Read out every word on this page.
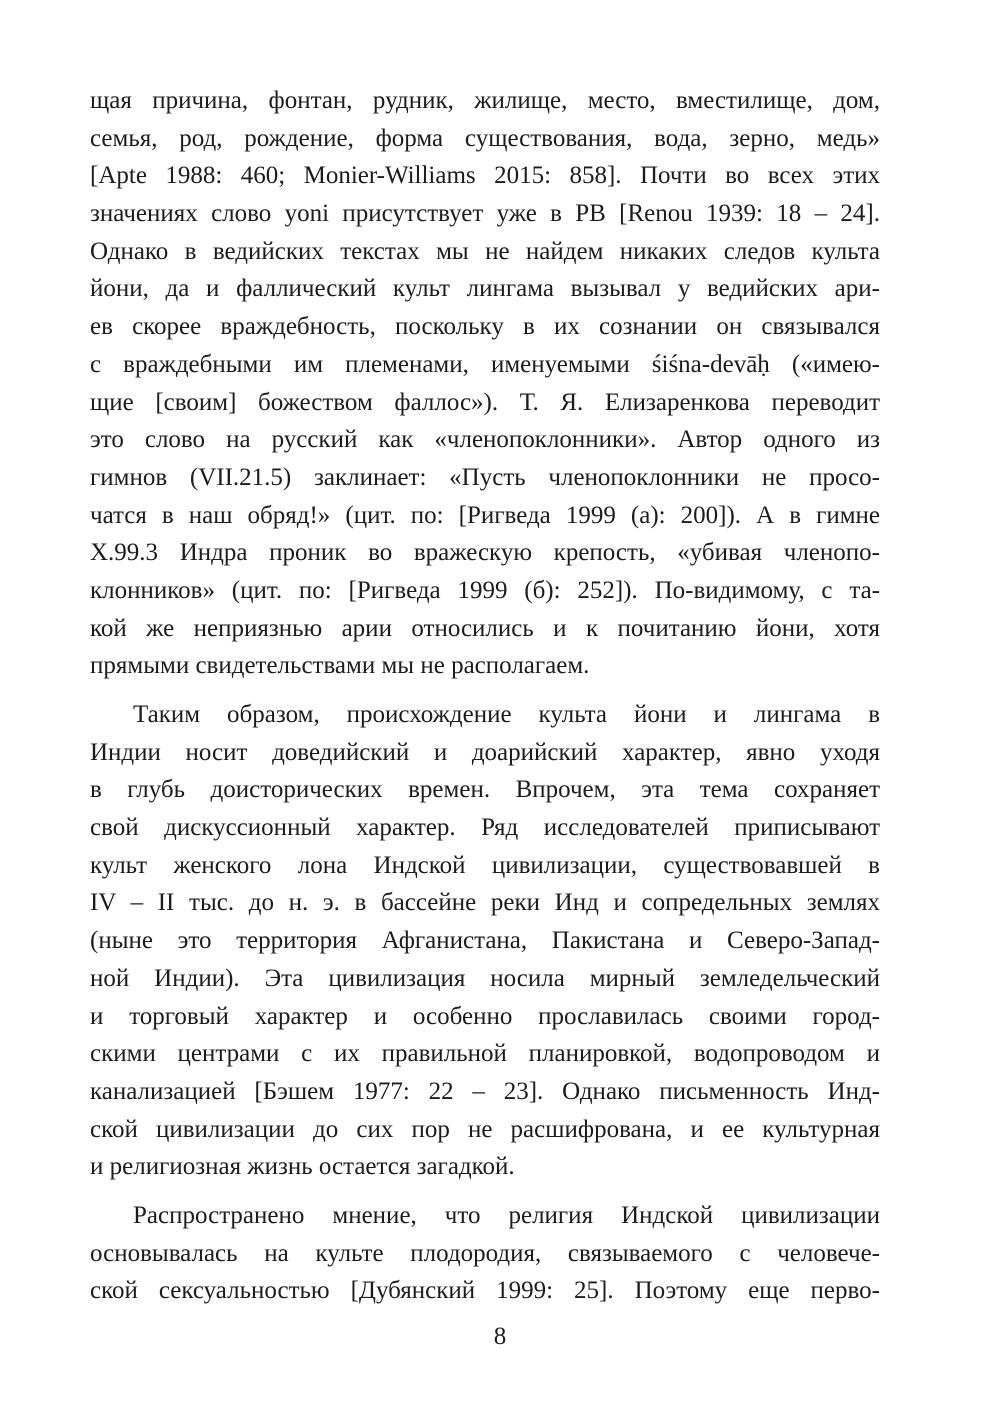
щая причина, фонтан, рудник, жилище, место, вместилище, дом,
семья, род, рождение, форма существования, вода, зерно, медь»
[Apte 1988: 460; Monier-Williams 2015: 858]. Почти во всех этих
значениях слово yoni присутствует уже в РВ [Renou 1939: 18 – 24].
Однако в ведийских текстах мы не найдем никаких следов культа
йони, да и фаллический культ лингама вызывал у ведийских ари-
ев скорее враждебность, поскольку в их сознании он связывался
с враждебными им племенами, именуемыми śiśna-devāḥ («имею-
щие [своим] божеством фаллос»). Т. Я. Елизаренкова переводит
это слово на русский как «членопоклонники». Автор одного из
гимнов (VII.21.5) заклинает: «Пусть членопоклонники не просо-
чатся в наш обряд!» (цит. по: [Ригведа 1999 (а): 200]). А в гимне
X.99.3 Индра проник во вражескую крепость, «убивая членопо-
клонников» (цит. по: [Ригведа 1999 (б): 252]). По-видимому, с та-
кой же неприязнью арии относились и к почитанию йони, хотя
прямыми свидетельствами мы не располагаем.
Таким образом, происхождение культа йони и лингама в
Индии носит доведийский и доарийский характер, явно уходя
в глубь доисторических времен. Впрочем, эта тема сохраняет
свой дискуссионный характер. Ряд исследователей приписывают
культ женского лона Индской цивилизации, существовавшей в
IV – II тыс. до н. э. в бассейне реки Инд и сопредельных землях
(ныне это территория Афганистана, Пакистана и Северо-Запад-
ной Индии). Эта цивилизация носила мирный земледельческий
и торговый характер и особенно прославилась своими город-
скими центрами с их правильной планировкой, водопроводом и
канализацией [Бэшем 1977: 22 – 23]. Однако письменность Инд-
ской цивилизации до сих пор не расшифрована, и ее культурная
и религиозная жизнь остается загадкой.
Распространено мнение, что религия Индской цивилизации
основывалась на культе плодородия, связываемого с человече-
ской сексуальностью [Дубянский 1999: 25]. Поэтому еще перво-
8
